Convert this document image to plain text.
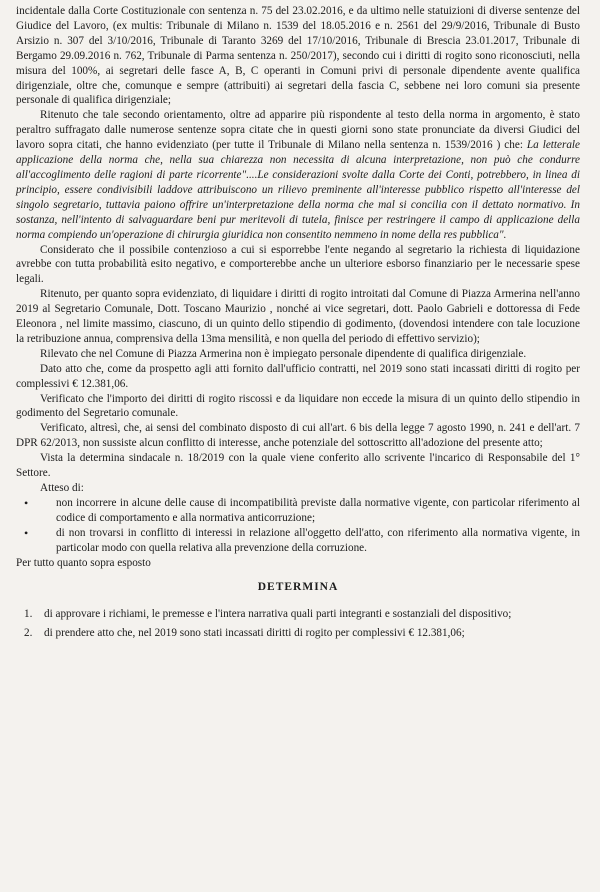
incidentale dalla Corte Costituzionale con sentenza n. 75 del 23.02.2016, e da ultimo nelle statuizioni di diverse sentenze del Giudice del Lavoro, (ex multis: Tribunale di Milano n. 1539 del 18.05.2016 e n. 2561 del 29/9/2016, Tribunale di Busto Arsizio n. 307 del 3/10/2016, Tribunale di Taranto 3269 del 17/10/2016, Tribunale di Brescia 23.01.2017, Tribunale di Bergamo 29.09.2016 n. 762, Tribunale di Parma sentenza n. 250/2017), secondo cui i diritti di rogito sono riconosciuti, nella misura del 100%, ai segretari delle fasce A, B, C operanti in Comuni privi di personale dipendente avente qualifica dirigenziale, oltre che, comunque e sempre (attribuiti) ai segretari della fascia C, sebbene nei loro comuni sia presente personale di qualifica dirigenziale;

Ritenuto che tale secondo orientamento, oltre ad apparire più rispondente al testo della norma in argomento, è stato peraltro suffragato dalle numerose sentenze sopra citate che in questi giorni sono state pronunciate da diversi Giudici del lavoro sopra citati, che hanno evidenziato (per tutte il Tribunale di Milano nella sentenza n. 1539/2016 ) che: La letterale applicazione della norma che, nella sua chiarezza non necessita di alcuna interpretazione, non può che condurre all'accoglimento delle ragioni di parte ricorrente"....Le considerazioni svolte dalla Corte dei Conti, potrebbero, in linea di principio, essere condivisibili laddove attribuiscono un rilievo preminente all'interesse pubblico rispetto all'interesse del singolo segretario, tuttavia paiono offrire un'interpretazione della norma che mal si concilia con il dettato normativo. In sostanza, nell'intento di salvaguardare beni pur meritevoli di tutela, finisce per restringere il campo di applicazione della norma compiendo un'operazione di chirurgia giuridica non consentito nemmeno in nome della res pubblica".

Considerato che il possibile contenzioso a cui si esporrebbe l'ente negando al segretario la richiesta di liquidazione avrebbe con tutta probabilità esito negativo, e comporterebbe anche un ulteriore esborso finanziario per le necessarie spese legali.

Ritenuto, per quanto sopra evidenziato, di liquidare i diritti di rogito introitati dal Comune di Piazza Armerina nell'anno 2019 al Segretario Comunale, Dott. Toscano Maurizio , nonché ai vice segretari, dott. Paolo Gabrieli e dottoressa di Fede Eleonora , nel limite massimo, ciascuno, di un quinto dello stipendio di godimento, (dovendosi intendere con tale locuzione la retribuzione annua, comprensiva della 13ma mensilità, e non quella del periodo di effettivo servizio);

Rilevato che nel Comune di Piazza Armerina non è impiegato personale dipendente di qualifica dirigenziale.

Dato atto che, come da prospetto agli atti fornito dall'ufficio contratti, nel 2019 sono stati incassati diritti di rogito per complessivi € 12.381,06.

Verificato che l'importo dei diritti di rogito riscossi e da liquidare non eccede la misura di un quinto dello stipendio in godimento del Segretario comunale.

Verificato, altresì, che, ai sensi del combinato disposto di cui all'art. 6 bis della legge 7 agosto 1990, n. 241 e dell'art. 7 DPR 62/2013, non sussiste alcun conflitto di interesse, anche potenziale del sottoscritto all'adozione del presente atto;

Vista la determina sindacale n. 18/2019 con la quale viene conferito allo scrivente l'incarico di Responsabile del 1° Settore.

Atteso di:

• non incorrere in alcune delle cause di incompatibilità previste dalla normative vigente, con particolar riferimento al codice di comportamento e alla normativa anticorruzione;
• di non trovarsi in conflitto di interessi in relazione all'oggetto dell'atto, con riferimento alla normativa vigente, in particolar modo con quella relativa alla prevenzione della corruzione.

Per tutto quanto sopra esposto

DETERMINA
1. di approvare i richiami, le premesse e l'intera narrativa quali parti integranti e sostanziali del dispositivo;
2. di prendere atto che, nel 2019 sono stati incassati diritti di rogito per complessivi € 12.381,06;
